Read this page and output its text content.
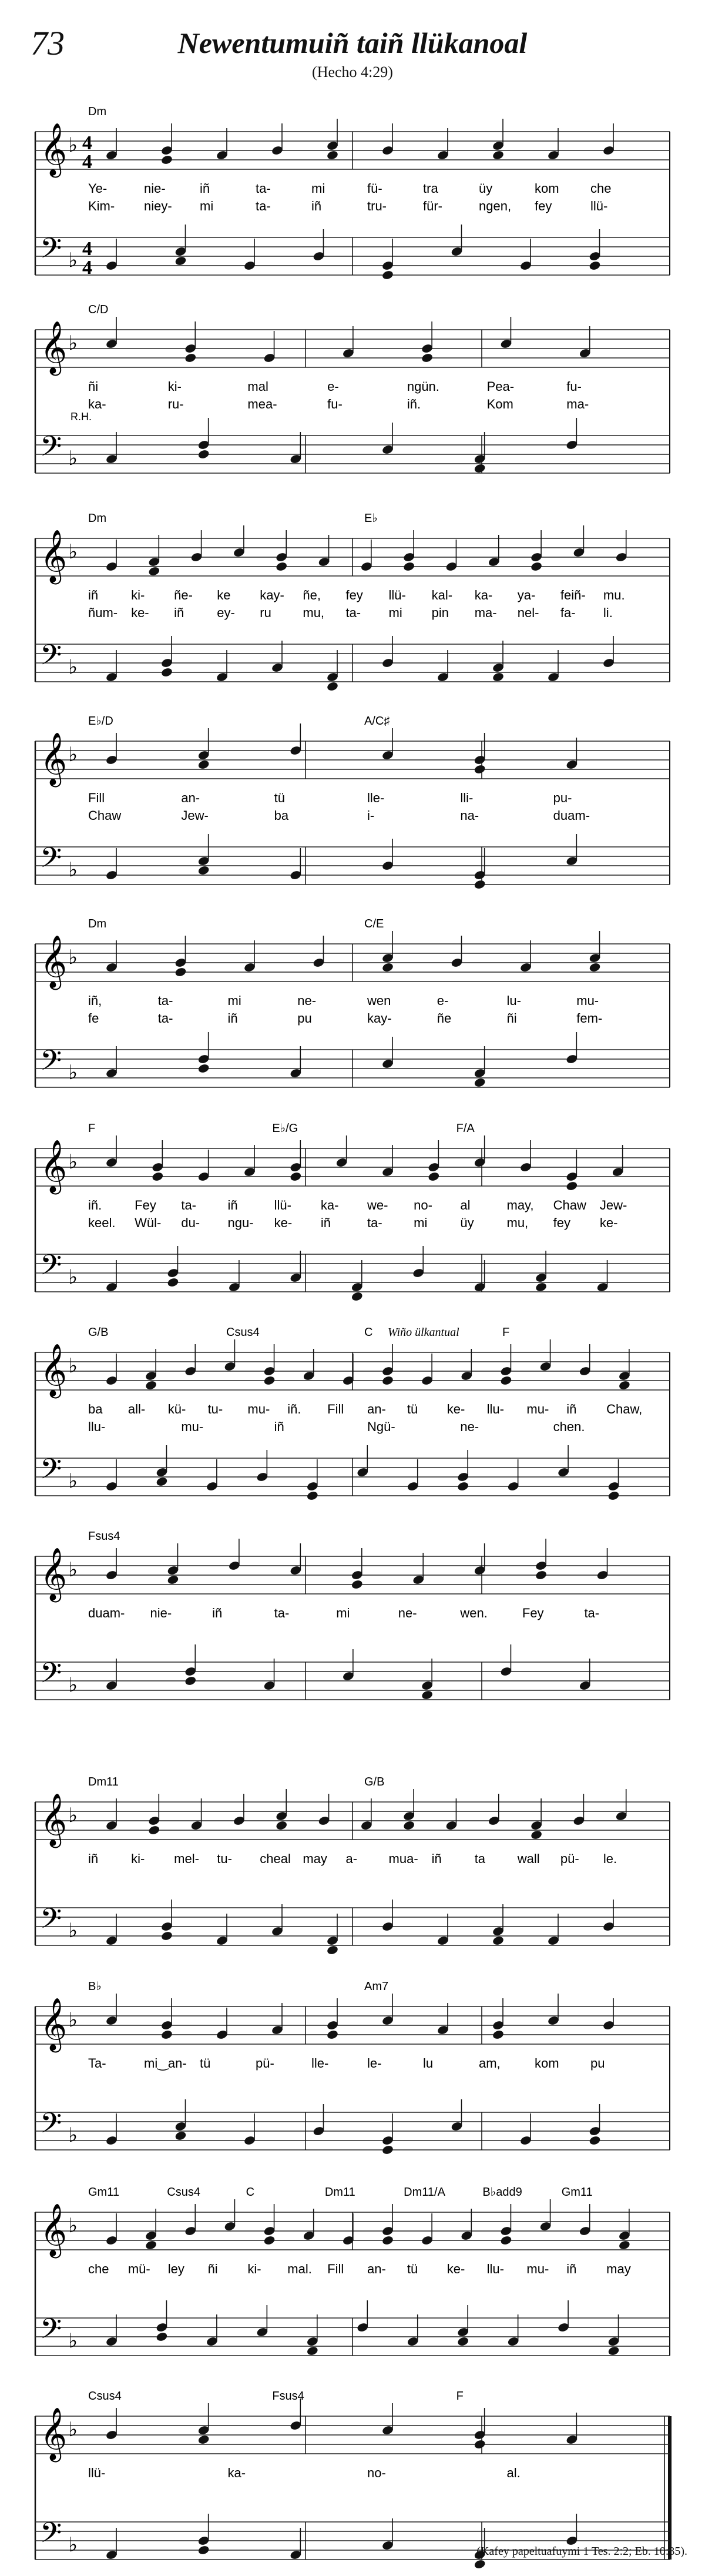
73	Newentumuiñ taiñ llükanoal
(Hecho 4:29)
𝄞 ♭
𝄢 ♭
4
4
4
4
Dm
Ye-	nie-	iñ	ta-	mi	fü-	tra	üy	kom che
Kim- niey- mi	ta-	iñ	tru-	für-	ngen, fey	llü-
𝄞 ♭
𝄢 ♭
C/D
R.H.
ñi	ki-	mal	e-	ngün.	Pea-	fu-
ka-	ru-	mea-	fu-	iñ.	Kom	ma-
𝄞 ♭
𝄢 ♭
Dm	E♭
iñ	ki- ñe- ke kay- ñe, fey llü- kal- ka- ya- feiñ- mu.
ñum- ke- iñ	ey- ru mu, ta- mi pin ma- nel- fa- li.
𝄞 ♭
𝄢 ♭
E♭/D	A/C♯
Fill	an-	tü	lle-	lli-	pu-
Chaw	Jew-	ba	i-	na-	duam-
𝄞 ♭
𝄢 ♭
Dm	C/E
iñ,	ta-	mi	ne-	wen	e-	lu-	mu-
fe	ta-	iñ	pu	kay-	ñe	ñi	fem-
𝄞 ♭
𝄢 ♭
F	E♭/G	F/A
iñ.	Fey ta- iñ	llü- ka- we- no- al	may, Chaw Jew-
keel. Wül- du- ngu- ke- iñ	ta- mi	üy	mu, fey ke-
𝄞 ♭
𝄢 ♭
G/B	Csus4	C	F
Wiño ülkantual
ba all- kü- tu- mu- iñ. Fill an- tü ke- llu- mu- iñ Chaw,
llu-	mu-	iñ	Ngü-	ne-	chen.
𝄞 ♭
𝄢 ♭
Fsus4
duam- nie-	iñ	ta-	mi	ne-	wen.	Fey	ta-
𝄞 ♭
𝄢 ♭
Dm11	G/B
iñ	ki- mel- tu- cheal may a- mua- iñ	ta wall pü- le.
𝄞 ♭
𝄢 ♭
B♭	Am7
Ta-	mi‿an- tü	pü-	lle-	le-	lu	am,	kom pu
𝄞 ♭
𝄢 ♭
Gm11	Csus4	C	Dm11	Dm11/A	B♭add9	Gm11
che mü- ley ñi ki- mal. Fill an- tü ke- llu- mu- iñ may
𝄞 ♭
𝄢 ♭
Csus4	Fsus4	F
llü-	ka-	no-	al.
(Kafey papeltuafuymi 1 Tes. 2:2; Eb. 10:35).
